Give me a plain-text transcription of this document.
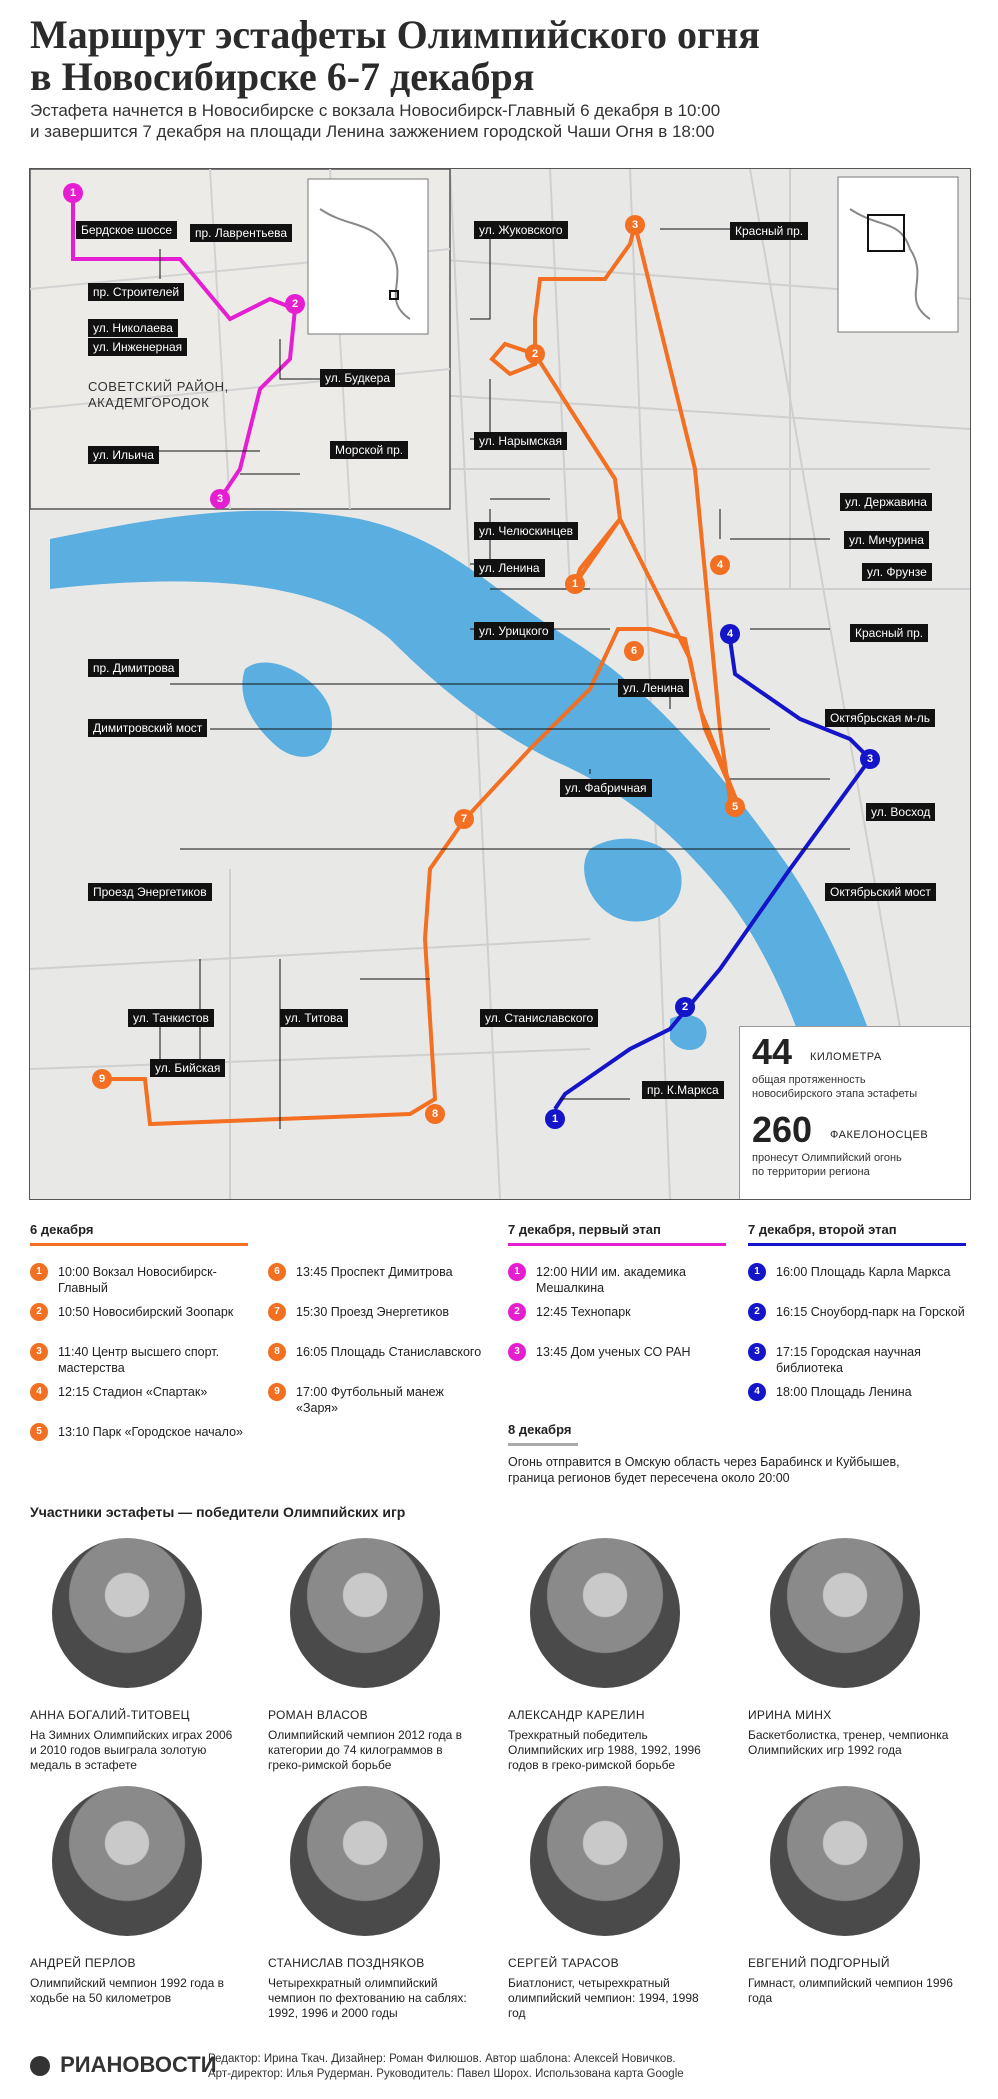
Маршрут эстафеты Олимпийского огня
в Новосибирске 6-7 декабря

Эстафета начнется в Новосибирске с вокзала Новосибирск-Главный 6 декабря в 10:00
и завершится 7 декабря на площади Ленина зажжением городской Чаши Огня в 18:00

Бердское шоссе	пр. Лаврентьева
пр. Строителей
ул. Николаева
ул. Инженерная
ул. Будкера
ул. Ильича	Морской пр.
СОВЕТСКИЙ РАЙОН,
АКАДЕМГОРОДОК
ул. Жуковского	Красный пр.
ул. Нарымская
ул. Державина
ул. Челюскинцев
ул. Мичурина
ул. Ленина	ул. Фрунзе
ул. Урицкого	Красный пр.
пр. Димитрова
ул. Ленина
Димитровский мост
Октябрьская м-ль
ул. Фабричная
ул. Восход
Проезд Энергетиков	Октябрьский мост
ул. Танкистов	ул. Титова	ул. Станиславского
ул. Бийская
пр. К.Маркса
1
2
3
1
2
3
4
5
6
7
8
9
1
2
3
4
44 КИЛОМЕТРА
общая протяженность
новосибирского этапа эстафеты
260 ФАКЕЛОНОСЦЕВ
пронесут Олимпийский огонь
по территории региона
6 декабря
1	10:00 Вокзал Новосибирск-Главный
2	10:50 Новосибирский Зоопарк
3	11:40 Центр высшего спорт. мастерства
4	12:15 Стадион «Спартак»
5	13:10 Парк «Городское начало»
6	13:45 Проспект Димитрова
7	15:30 Проезд Энергетиков
8	16:05 Площадь Станиславского
9	17:00 Футбольный манеж «Заря»
7 декабря, первый этап
1	12:00 НИИ им. академика Мешалкина
2	12:45 Технопарк
3	13:45 Дом ученых СО РАН
7 декабря, второй этап
1	16:00 Площадь Карла Маркса
2	16:15 Сноуборд-парк на Горской
3	17:15 Городская научная библиотека
4	18:00 Площадь Ленина
8 декабря
Огонь отправится в Омскую область через Барабинск и Куйбышев,
граница регионов будет пересечена около 20:00
Участники эстафеты — победители Олимпийских игр
АННА БОГАЛИЙ-ТИТОВЕЦ
На Зимних Олимпийских играх 2006 и 2010 годов выиграла золотую медаль в эстафете
РОМАН ВЛАСОВ
Олимпийский чемпион 2012 года в категории до 74 килограммов в греко-римской борьбе
АЛЕКСАНДР КАРЕЛИН
Трехкратный победитель Олимпийских игр 1988, 1992, 1996 годов в греко-римской борьбе
ИРИНА МИНХ
Баскетболистка, тренер, чемпионка Олимпийских игр 1992 года
АНДРЕЙ ПЕРЛОВ
Олимпийский чемпион 1992 года в ходьбе на 50 километров
СТАНИСЛАВ ПОЗДНЯКОВ
Четырехкратный олимпийский чемпион по фехтованию на саблях: 1992, 1996 и 2000 годы
СЕРГЕЙ ТАРАСОВ
Биатлонист, четырехкратный олимпийский чемпион: 1994, 1998 год
ЕВГЕНИЙ ПОДГОРНЫЙ
Гимнаст, олимпийский чемпион 1996 года
РИАНОВОСТИ
Редактор: Ирина Ткач. Дизайнер: Роман Филюшов. Автор шаблона: Алексей Новичков.
Арт-директор: Илья Рудерман. Руководитель: Павел Шорох. Использована карта Google
